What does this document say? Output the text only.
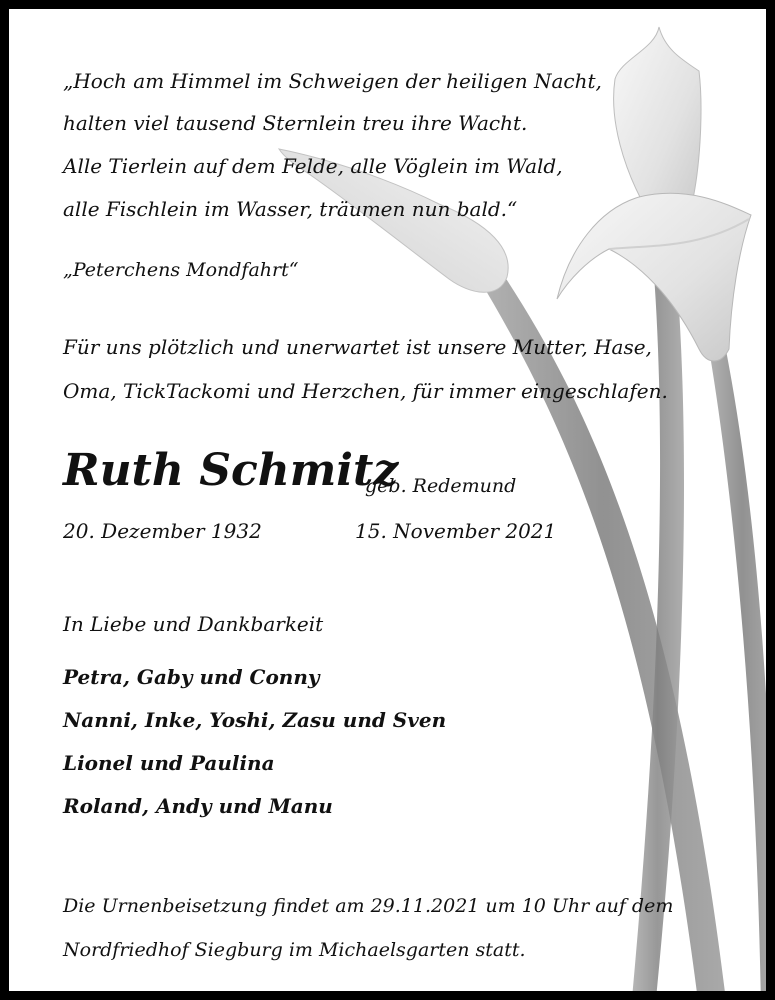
„Hoch am Himmel im Schweigen der heiligen Nacht,
halten viel tausend Sternlein treu ihre Wacht.
Alle Tierlein auf dem Felde, alle Vöglein im Wald,
alle Fischlein im Wasser, träumen nun bald.“
„Peterchens Mondfahrt“
Für uns plötzlich und unerwartet ist unsere Mutter, Hase,
Oma, TickTackomi und Herzchen, für immer eingeschlafen.
Ruth Schmitz
geb. Redemund
20. Dezember 1932	15. November 2021
In Liebe und Dankbarkeit
Petra, Gaby und Conny
Nanni, Inke, Yoshi, Zasu und Sven
Lionel und Paulina
Roland, Andy und Manu
Die Urnenbeisetzung findet am 29.11.2021 um 10 Uhr auf dem
Nordfriedhof Siegburg im Michaelsgarten statt.
